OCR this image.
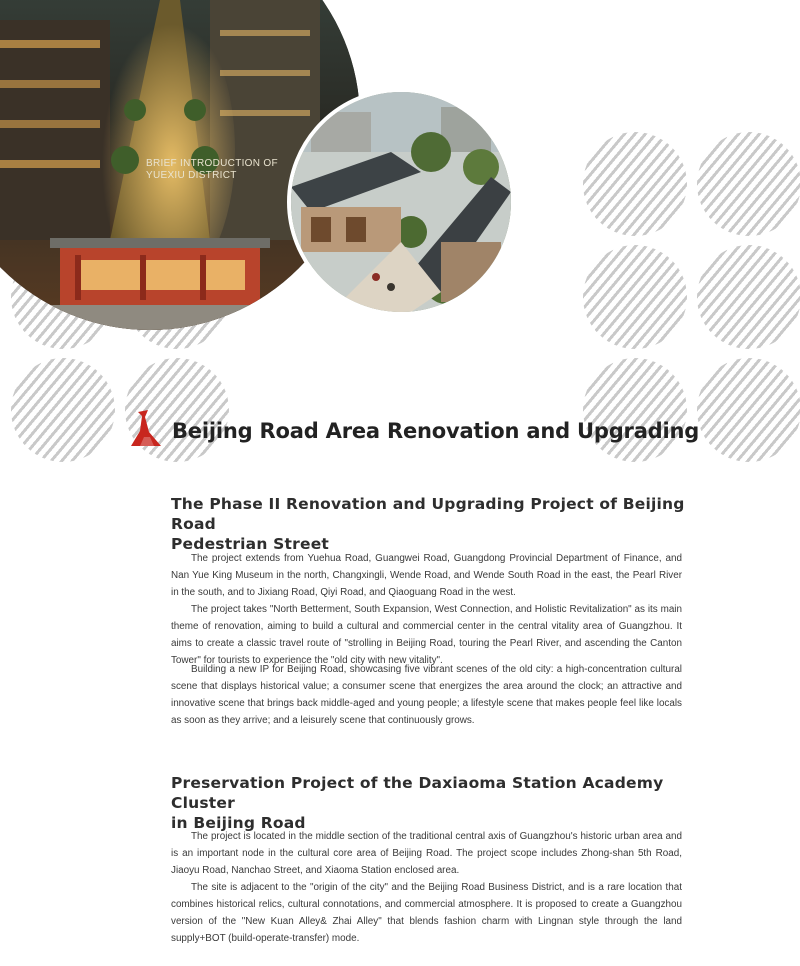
BRIEF INTRODUCTION OF
YUEXIU DISTRICT
Beijing Road Area Renovation and Upgrading
The Phase II Renovation and Upgrading Project of Beijing Road
Pedestrian Street

The project extends from Yuehua Road, Guangwei Road, Guangdong Provincial Department of Finance, and Nan Yue King Museum in the north, Changxingli, Wende Road, and Wende South Road in the east, the Pearl River in the south, and to Jixiang Road, Qiyi Road, and Qiaoguang Road in the west.

The project takes "North Betterment, South Expansion, West Connection, and Holistic Revitalization" as its main theme of renovation, aiming to build a cultural and commercial center in the central vitality area of Guangzhou. It aims to create a classic travel route of "strolling in Beijing Road, touring the Pearl River, and ascending the Canton Tower" for tourists to experience the "old city with new vitality".

Building a new IP for Beijing Road, showcasing five vibrant scenes of the old city: a high-concentration cultural scene that displays historical value; a consumer scene that energizes the area around the clock; an attractive and innovative scene that brings back middle-aged and young people; a lifestyle scene that makes people feel like locals as soon as they arrive; and a leisurely scene that continuously grows.

Preservation Project of the Daxiaoma Station Academy Cluster
in Beijing Road

The project is located in the middle section of the traditional central axis of Guangzhou's historic urban area and is an important node in the cultural core area of Beijing Road. The project scope includes Zhong-shan 5th Road, Jiaoyu Road, Nanchao Street, and Xiaoma Station enclosed area.

The site is adjacent to the "origin of the city" and the Beijing Road Business District, and is a rare location that combines historical relics, cultural connotations, and commercial atmosphere. It is proposed to create a Guangzhou version of the "New Kuan Alley& Zhai Alley" that blends fashion charm with Lingnan style through the land supply+BOT (build-operate-transfer) mode.
